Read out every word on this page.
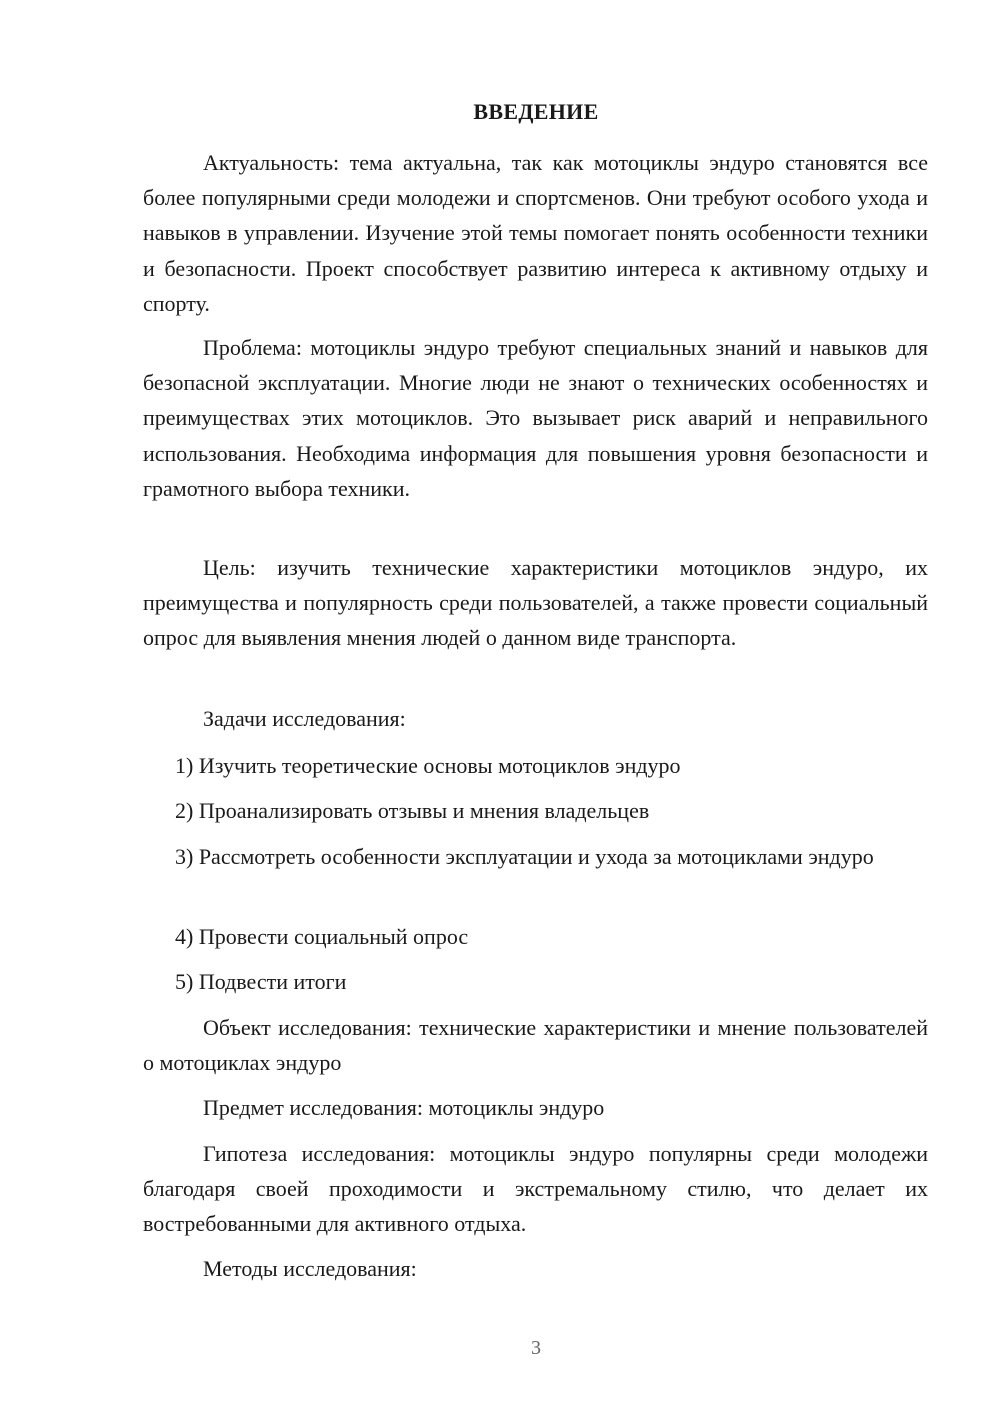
ВВЕДЕНИЕ

Актуальность: тема актуальна, так как мотоциклы эндуро становятся все более популярными среди молодежи и спортсменов. Они требуют особого ухода и навыков в управлении. Изучение этой темы помогает понять особенности техники и безопасности. Проект способствует развитию интереса к активному отдыху и спорту.

Проблема: мотоциклы эндуро требуют специальных знаний и навыков для безопасной эксплуатации. Многие люди не знают о технических особенностях и преимуществах этих мотоциклов. Это вызывает риск аварий и неправильного использования. Необходима информация для повышения уровня безопасности и грамотного выбора техники.

Цель: изучить технические характеристики мотоциклов эндуро, их преимущества и популярность среди пользователей, а также провести социальный опрос для выявления мнения людей о данном виде транспорта.

Задачи исследования:

1) Изучить теоретические основы мотоциклов эндуро

2) Проанализировать отзывы и мнения владельцев

3) Рассмотреть особенности эксплуатации и ухода за мотоциклами эндуро

4) Провести социальный опрос

5) Подвести итоги

Объект исследования: технические характеристики и мнение пользователей о мотоциклах эндуро

Предмет исследования: мотоциклы эндуро

Гипотеза исследования: мотоциклы эндуро популярны среди молодежи благодаря своей проходимости и экстремальному стилю, что делает их востребованными для активного отдыха.

Методы исследования:

3
